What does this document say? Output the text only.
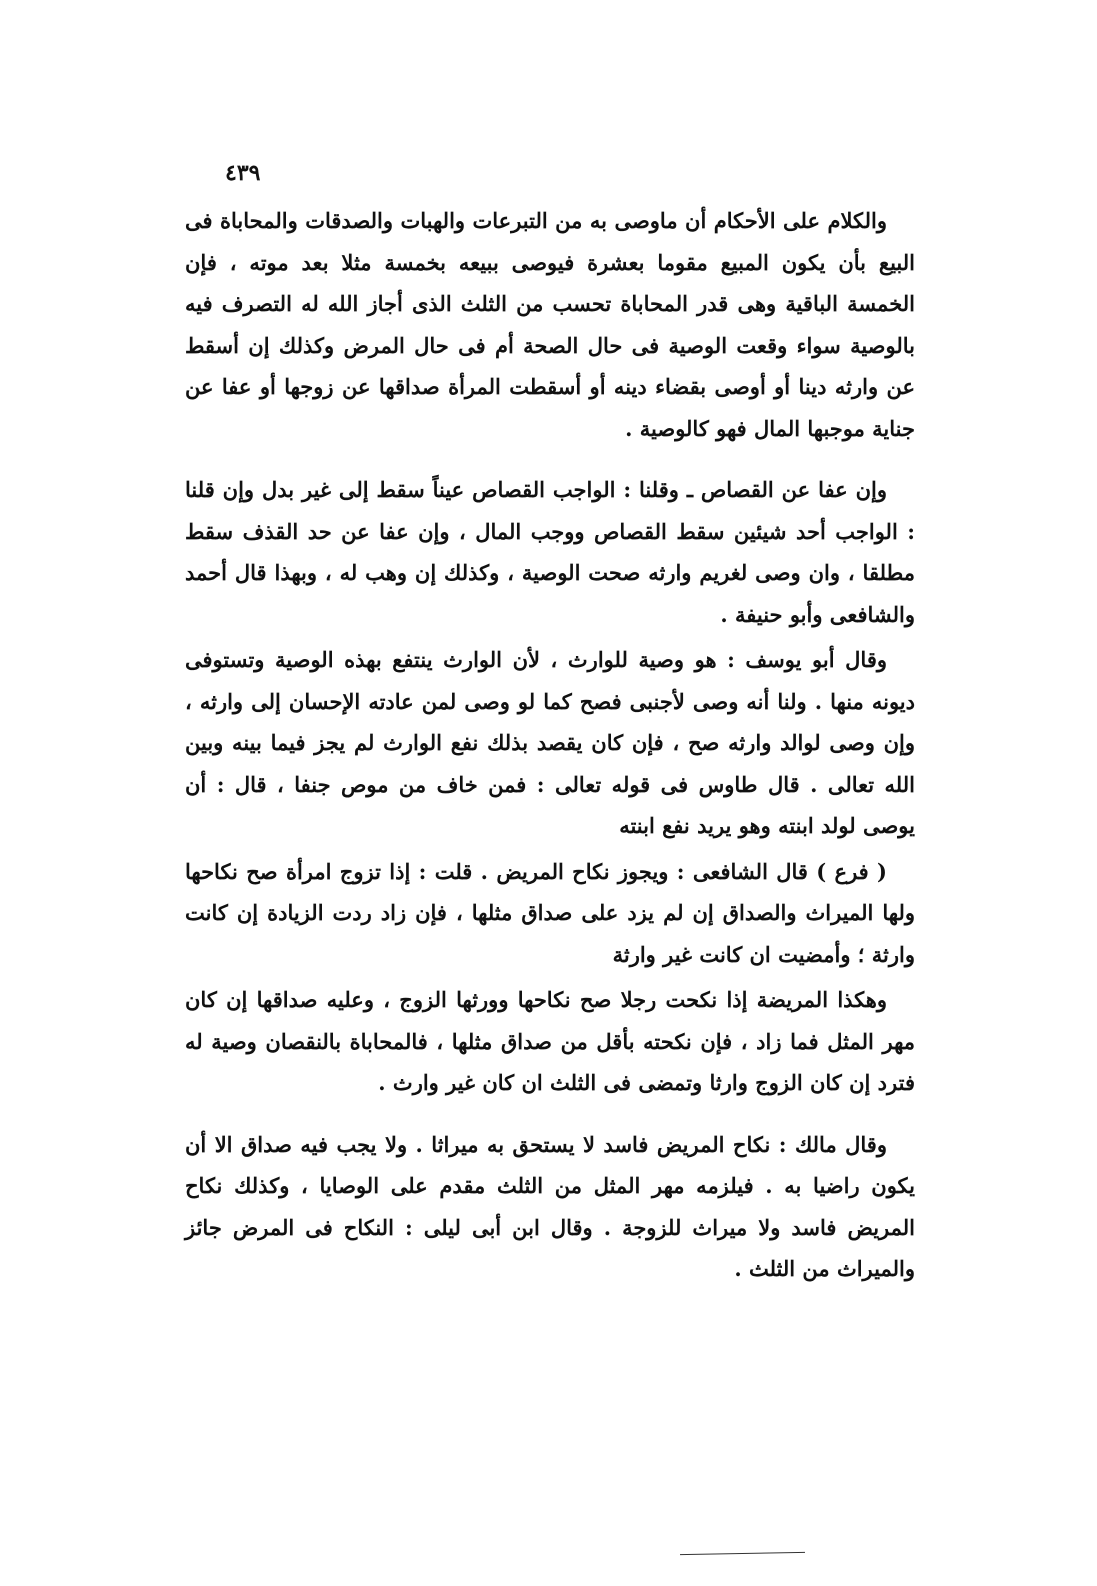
٤٣٩

والكلام على الأحكام أن ماوصى به من التبرعات والهبات والصدقات والمحاباة فى البيع بأن يكون المبيع مقوما بعشرة فيوصى ببيعه بخمسة مثلا بعد موته ، فإن الخمسة الباقية وهى قدر المحاباة تحسب من الثلث الذى أجاز الله له التصرف فيه بالوصية سواء وقعت الوصية فى حال الصحة أم فى حال المرض وكذلك إن أسقط عن وارثه دينا أو أوصى بقضاء دينه أو أسقطت المرأة صداقها عن زوجها أو عفا عن جناية موجبها المال فهو كالوصية .

وإن عفا عن القصاص ـ وقلنا : الواجب القصاص عيناً سقط إلى غير بدل وإن قلنا : الواجب أحد شيئين سقط القصاص ووجب المال ، وإن عفا عن حد القذف سقط مطلقا ، وان وصى لغريم وارثه صحت الوصية ، وكذلك إن وهب له ، وبهذا قال أحمد والشافعى وأبو حنيفة .

وقال أبو يوسف : هو وصية للوارث ، لأن الوارث ينتفع بهذه الوصية وتستوفى ديونه منها . ولنا أنه وصى لأجنبى فصح كما لو وصى لمن عادته الإحسان إلى وارثه ، وإن وصى لوالد وارثه صح ، فإن كان يقصد بذلك نفع الوارث لم يجز فيما بينه وبين الله تعالى . قال طاوس فى قوله تعالى : فمن خاف من موص جنفا ، قال : أن يوصى لولد ابنته وهو يريد نفع ابنته

( فرع ) قال الشافعى : ويجوز نكاح المريض . قلت : إذا تزوج امرأة صح نكاحها ولها الميراث والصداق إن لم يزد على صداق مثلها ، فإن زاد ردت الزيادة إن كانت وارثة ؛ وأمضيت ان كانت غير وارثة

وهكذا المريضة إذا نكحت رجلا صح نكاحها وورثها الزوج ، وعليه صداقها إن كان مهر المثل فما زاد ، فإن نكحته بأقل من صداق مثلها ، فالمحاباة بالنقصان وصية له فترد إن كان الزوج وارثا وتمضى فى الثلث ان كان غير وارث .

وقال مالك : نكاح المريض فاسد لا يستحق به ميراثا . ولا يجب فيه صداق الا أن يكون راضيا به . فيلزمه مهر المثل من الثلث مقدم على الوصايا ، وكذلك نكاح المريض فاسد ولا ميراث للزوجة . وقال ابن أبى ليلى : النكاح فى المرض جائز والميراث من الثلث .
